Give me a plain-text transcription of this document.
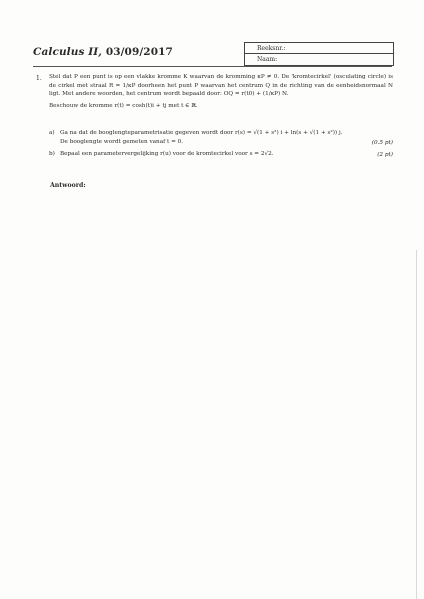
Calculus II, 03/09/2017	Reeksnr.:
Naam:
1. Stel dat P een punt is op een vlakke kromme K waarvan de kromming κP ≠ 0. De 'kromtecirkel' (osculating circle) is de cirkel met straal R = 1/κP doorheen het punt P waarvan het centrum Q in de richting van de eenheidsnormaal N ligt. Met andere woorden, het centrum wordt bepaald door: OQ = r(t0) + (1/κP) N.

Beschouw de kromme r(t) = cosh(t)i + tj met t ∈ ℝ.

a) Ga na dat de booglengteparametrisatie gegeven wordt door r(s) = √(1 + s²) i + ln(s + √(1 + s²)) j.
De booglengte wordt gemeten vanaf t = 0.	(0.5 pt)
b) Bepaal een parametervergelijking r(u) voor de kromtecirkel voor s = 2√2.	(2 pt)
Antwoord:
